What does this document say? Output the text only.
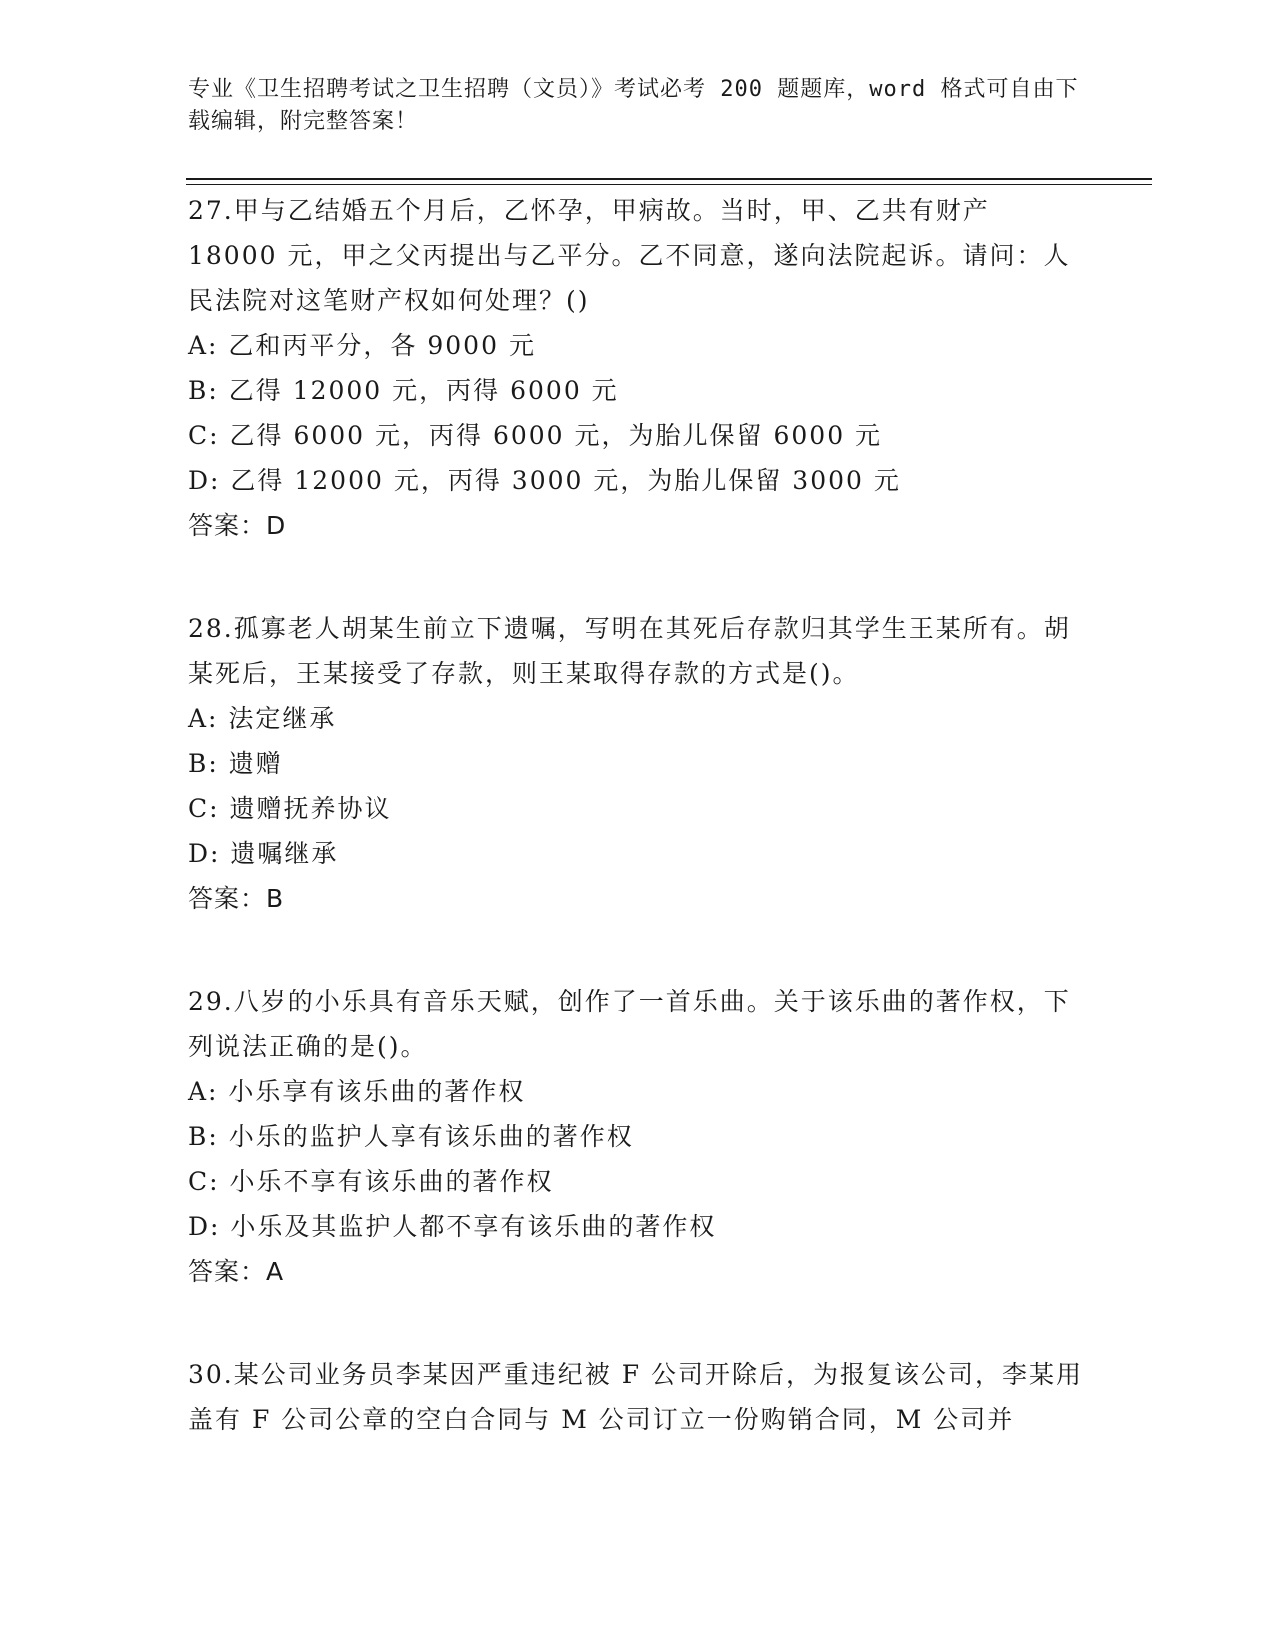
专业《卫生招聘考试之卫生招聘（文员）》考试必考 200 题题库，word 格式可自由下载编辑，附完整答案！

27.甲与乙结婚五个月后，乙怀孕，甲病故。当时，甲、乙共有财产 18000 元，甲之父丙提出与乙平分。乙不同意，遂向法院起诉。请问：人民法院对这笔财产权如何处理？()

A: 乙和丙平分，各 9000 元
B: 乙得 12000 元，丙得 6000 元
C: 乙得 6000 元，丙得 6000 元，为胎儿保留 6000 元
D: 乙得 12000 元，丙得 3000 元，为胎儿保留 3000 元
答案：D

28.孤寡老人胡某生前立下遗嘱，写明在其死后存款归其学生王某所有。胡某死后，王某接受了存款，则王某取得存款的方式是()。

A: 法定继承
B: 遗赠
C: 遗赠抚养协议
D: 遗嘱继承
答案：B

29.八岁的小乐具有音乐天赋，创作了一首乐曲。关于该乐曲的著作权，下列说法正确的是()。

A: 小乐享有该乐曲的著作权
B: 小乐的监护人享有该乐曲的著作权
C: 小乐不享有该乐曲的著作权
D: 小乐及其监护人都不享有该乐曲的著作权
答案：A

30.某公司业务员李某因严重违纪被 F 公司开除后，为报复该公司，李某用盖有 F 公司公章的空白合同与 M 公司订立一份购销合同，M 公司并
